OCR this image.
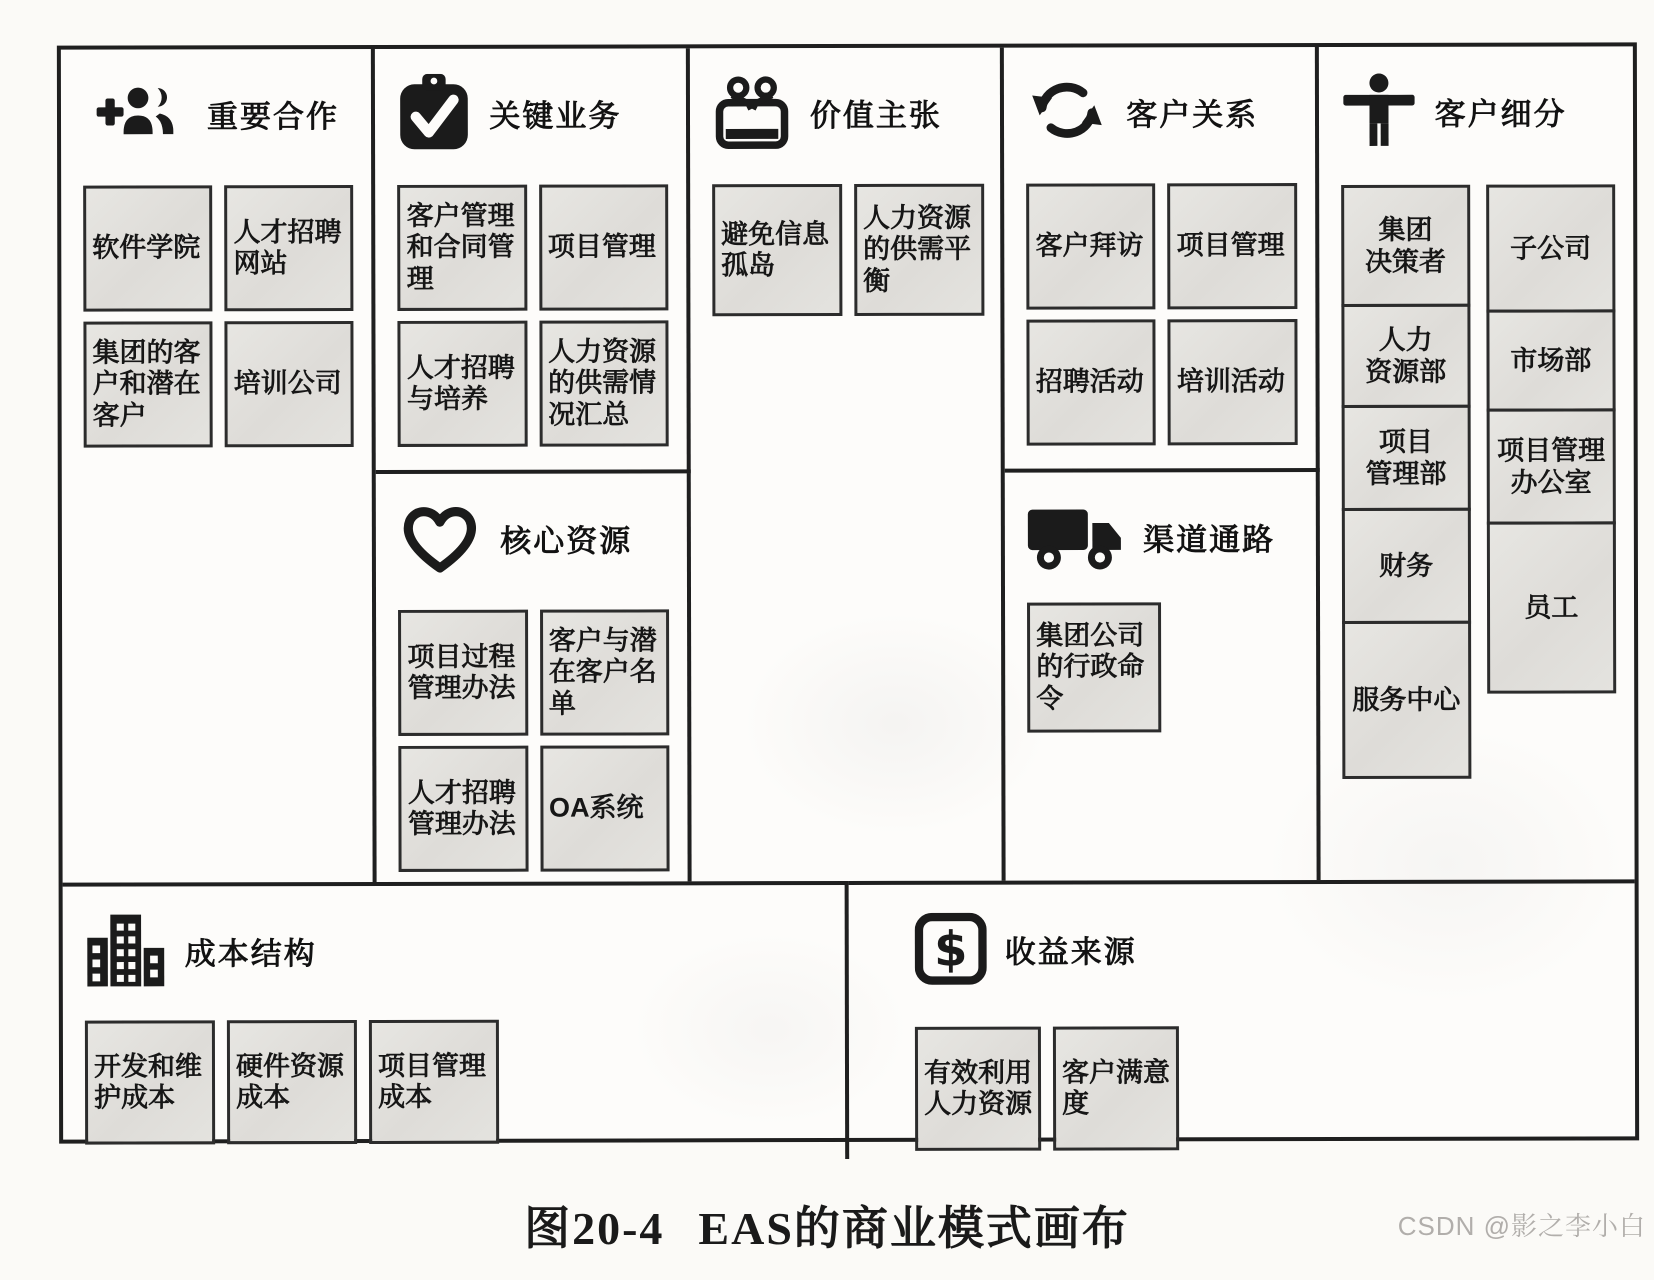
重要合作
软件学院
人才招聘
网站
集团的客
户和潜在
客户
培训公司
关键业务
客户管理
和合同管
理
项目管理
人才招聘
与培养
人力资源
的供需情
况汇总
核心资源
项目过程
管理办法
客户与潜
在客户名
单
人才招聘
管理办法
OA系统
价值主张
避免信息
孤岛
人力资源
的供需平
衡
客户关系
客户拜访	项目管理
招聘活动	培训活动
渠道通路
集团公司
的行政命
令
客户细分
集团
决策者
人力
资源部
项目
管理部
财务
服务中心
子公司
市场部
项目管理
办公室
员工
成本结构
开发和维
护成本
硬件资源
成本
项目管理
成本
$ 收益来源
有效利用
人力资源
客户满意
度
图20-4 EAS的商业模式画布	CSDN @影之李小白
